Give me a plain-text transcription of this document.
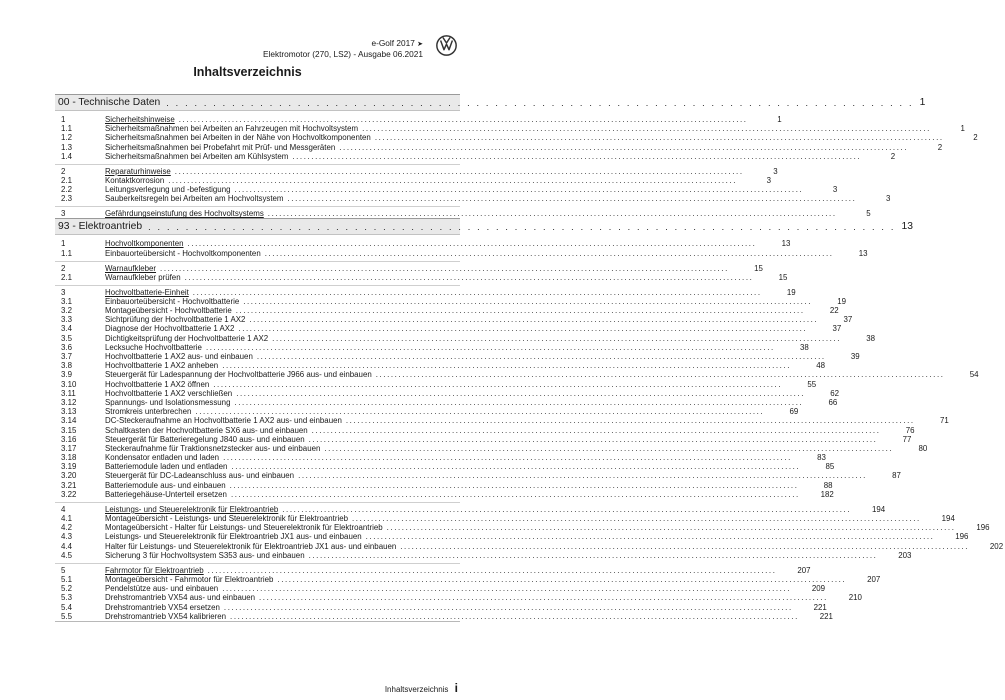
e-Golf 2017 ➤
Elektromotor (270, LS2) - Ausgabe 06.2021
Inhaltsverzeichnis
00 - Technische Daten . . . . . . . . . . . . . . . . . . . . . . . . . . . . . . . . . . . . . . . . . . . . . . . . . . . . . . . . . . . . . . . . . . . . . . . . . . . . . . . . 1
1	Sicherheitshinweise ......................................................................................................................................................	1
1.1	Sicherheitsmaßnahmen bei Arbeiten an Fahrzeugen mit Hochvoltsystem ......................................................................................................................................................	1
1.2	Sicherheitsmaßnahmen bei Arbeiten in der Nähe von Hochvoltkomponenten ......................................................................................................................................................	2
1.3	Sicherheitsmaßnahmen bei Probefahrt mit Prüf- und Messgeräten ......................................................................................................................................................	2
1.4	Sicherheitsmaßnahmen bei Arbeiten am Kühlsystem ......................................................................................................................................................	2
2	Reparaturhinweise ......................................................................................................................................................	3
2.1	Kontaktkorrosion ......................................................................................................................................................	3
2.2	Leitungsverlegung und -befestigung ......................................................................................................................................................	3
2.3	Sauberkeitsregeln bei Arbeiten am Hochvoltsystem ......................................................................................................................................................	3
3	Gefährdungseinstufung des Hochvoltsystems ......................................................................................................................................................	5
93 - Elektroantrieb . . . . . . . . . . . . . . . . . . . . . . . . . . . . . . . . . . . . . . . . . . . . . . . . . . . . . . . . . . . . . . . . . . . . . . . . . . . . . . . . 13
1	Hochvoltkomponenten ......................................................................................................................................................	13
1.1	Einbauorteübersicht - Hochvoltkomponenten ......................................................................................................................................................	13
2	Warnaufkleber ......................................................................................................................................................	15
2.1	Warnaufkleber prüfen ......................................................................................................................................................	15
3	Hochvoltbatterie-Einheit ......................................................................................................................................................	19
3.1	Einbauorteübersicht - Hochvoltbatterie ......................................................................................................................................................	19
3.2	Montageübersicht - Hochvoltbatterie ......................................................................................................................................................	22
3.3	Sichtprüfung der Hochvoltbatterie 1 AX2 ......................................................................................................................................................	37
3.4	Diagnose der Hochvoltbatterie 1 AX2 ......................................................................................................................................................	37
3.5	Dichtigkeitsprüfung der Hochvoltbatterie 1 AX2 ......................................................................................................................................................	38
3.6	Lecksuche Hochvoltbatterie ......................................................................................................................................................	38
3.7	Hochvoltbatterie 1 AX2 aus- und einbauen ......................................................................................................................................................	39
3.8	Hochvoltbatterie 1 AX2 anheben ......................................................................................................................................................	48
3.9	Steuergerät für Ladespannung der Hochvoltbatterie J966 aus- und einbauen ......................................................................................................................................................	54
3.10	Hochvoltbatterie 1 AX2 öffnen ......................................................................................................................................................	55
3.11	Hochvoltbatterie 1 AX2 verschließen ......................................................................................................................................................	62
3.12	Spannungs- und Isolationsmessung ......................................................................................................................................................	66
3.13	Stromkreis unterbrechen ......................................................................................................................................................	69
3.14	DC-Steckeraufnahme an Hochvoltbatterie 1 AX2 aus- und einbauen ......................................................................................................................................................	71
3.15	Schaltkasten der Hochvoltbatterie SX6 aus- und einbauen ......................................................................................................................................................	76
3.16	Steuergerät für Batterieregelung J840 aus- und einbauen ......................................................................................................................................................	77
3.17	Steckeraufnahme für Traktionsnetzstecker aus- und einbauen ......................................................................................................................................................	80
3.18	Kondensator entladen und laden ......................................................................................................................................................	83
3.19	Batteriemodule laden und entladen ......................................................................................................................................................	85
3.20	Steuergerät für DC-Ladeanschluss aus- und einbauen ......................................................................................................................................................	87
3.21	Batteriemodule aus- und einbauen ......................................................................................................................................................	88
3.22	Batteriegehäuse-Unterteil ersetzen ......................................................................................................................................................	182
4	Leistungs- und Steuerelektronik für Elektroantrieb ......................................................................................................................................................	194
4.1	Montageübersicht - Leistungs- und Steuerelektronik für Elektroantrieb ......................................................................................................................................................	194
4.2	Montageübersicht - Halter für Leistungs- und Steuerelektronik für Elektroantrieb ......................................................................................................................................................	196
4.3	Leistungs- und Steuerelektronik für Elektroantrieb JX1 aus- und einbauen ......................................................................................................................................................	196
4.4	Halter für Leistungs- und Steuerelektronik für Elektroantrieb JX1 aus- und einbauen ......................................................................................................................................................	202
4.5	Sicherung 3 für Hochvoltsystem S353 aus- und einbauen ......................................................................................................................................................	203
5	Fahrmotor für Elektroantrieb ......................................................................................................................................................	207
5.1	Montageübersicht - Fahrmotor für Elektroantrieb ......................................................................................................................................................	207
5.2	Pendelstütze aus- und einbauen ......................................................................................................................................................	209
5.3	Drehstromantrieb VX54 aus- und einbauen ......................................................................................................................................................	210
5.4	Drehstromantrieb VX54 ersetzen ......................................................................................................................................................	221
5.5	Drehstromantrieb VX54 kalibrieren ......................................................................................................................................................	221
Inhaltsverzeichnis i
